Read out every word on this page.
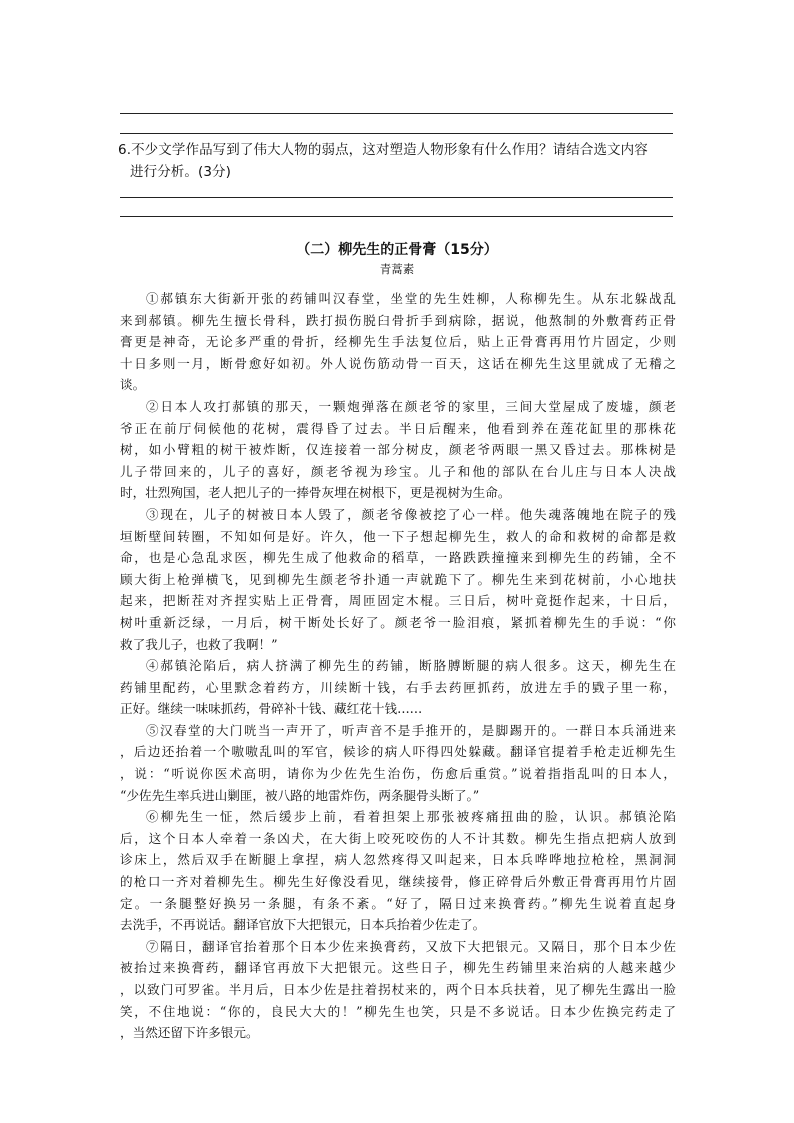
6.不少文学作品写到了伟大人物的弱点，这对塑造人物形象有什么作用？请结合选文内容
进行分析。(3分)
（二）柳先生的正骨膏（15分）
青蒿素
①郝镇东大街新开张的药铺叫汉春堂，坐堂的先生姓柳，人称柳先生。从东北躲战乱
来到郝镇。柳先生擅长骨科，跌打损伤脱臼骨折手到病除，据说，他熬制的外敷膏药正骨
膏更是神奇，无论多严重的骨折，经柳先生手法复位后，贴上正骨膏再用竹片固定，少则
十日多则一月，断骨愈好如初。外人说伤筋动骨一百天，这话在柳先生这里就成了无稽之
谈。
②日本人攻打郝镇的那天，一颗炮弹落在颜老爷的家里，三间大堂屋成了废墟，颜老
爷正在前厅伺候他的花树，震得昏了过去。半日后醒来，他看到养在莲花缸里的那株花
树，如小臂粗的树干被炸断，仅连接着一部分树皮，颜老爷两眼一黑又昏过去。那株树是
儿子带回来的，儿子的喜好，颜老爷视为珍宝。儿子和他的部队在台儿庄与日本人决战
时，壮烈殉国，老人把儿子的一捧骨灰埋在树根下，更是视树为生命。
③现在，儿子的树被日本人毁了，颜老爷像被挖了心一样。他失魂落魄地在院子的残
垣断壁间转圈，不知如何是好。许久，他一下子想起柳先生，救人的命和救树的命都是救
命，也是心急乱求医，柳先生成了他救命的稻草，一路跌跌撞撞来到柳先生的药铺，全不
顾大街上枪弹横飞，见到柳先生颜老爷扑通一声就跪下了。柳先生来到花树前，小心地扶
起来，把断茬对齐捏实贴上正骨膏，周匝固定木棍。三日后，树叶竟挺作起来，十日后，
树叶重新泛绿，一月后，树干断处长好了。颜老爷一脸泪痕，紧抓着柳先生的手说：“你
救了我儿子，也救了我啊！”
④郝镇沦陷后，病人挤满了柳先生的药铺，断胳膊断腿的病人很多。这天，柳先生在
药铺里配药，心里默念着药方，川续断十钱，右手去药匣抓药，放进左手的戥子里一称，
正好。继续一味味抓药，骨碎补十钱、藏红花十钱……
⑤汉春堂的大门咣当一声开了，听声音不是手推开的，是脚踢开的。一群日本兵涌进来
，后边还抬着一个嗷嗷乱叫的军官，候诊的病人吓得四处躲藏。翻译官提着手枪走近柳先生
，说：“听说你医术高明，请你为少佐先生治伤，伤愈后重赏。”说着指指乱叫的日本人，
“少佐先生率兵进山剿匪，被八路的地雷炸伤，两条腿骨头断了。”
⑥柳先生一怔，然后缓步上前，看着担架上那张被疼痛扭曲的脸，认识。郝镇沦陷
后，这个日本人牵着一条凶犬，在大街上咬死咬伤的人不计其数。柳先生指点把病人放到
诊床上，然后双手在断腿上拿捏，病人忽然疼得又叫起来，日本兵哗哗地拉枪栓，黑洞洞
的枪口一齐对着柳先生。柳先生好像没看见，继续接骨，修正碎骨后外敷正骨膏再用竹片固
定。一条腿整好换另一条腿，有条不紊。“好了，隔日过来换膏药。”柳先生说着直起身
去洗手，不再说话。翻译官放下大把银元，日本兵抬着少佐走了。
⑦隔日，翻译官抬着那个日本少佐来换膏药，又放下大把银元。又隔日，那个日本少佐
被抬过来换膏药，翻译官再放下大把银元。这些日子，柳先生药铺里来治病的人越来越少
，以致门可罗雀。半月后，日本少佐是拄着拐杖来的，两个日本兵扶着，见了柳先生露出一脸
笑，不住地说：“你的，良民大大的！”柳先生也笑，只是不多说话。日本少佐换完药走了
，当然还留下许多银元。
